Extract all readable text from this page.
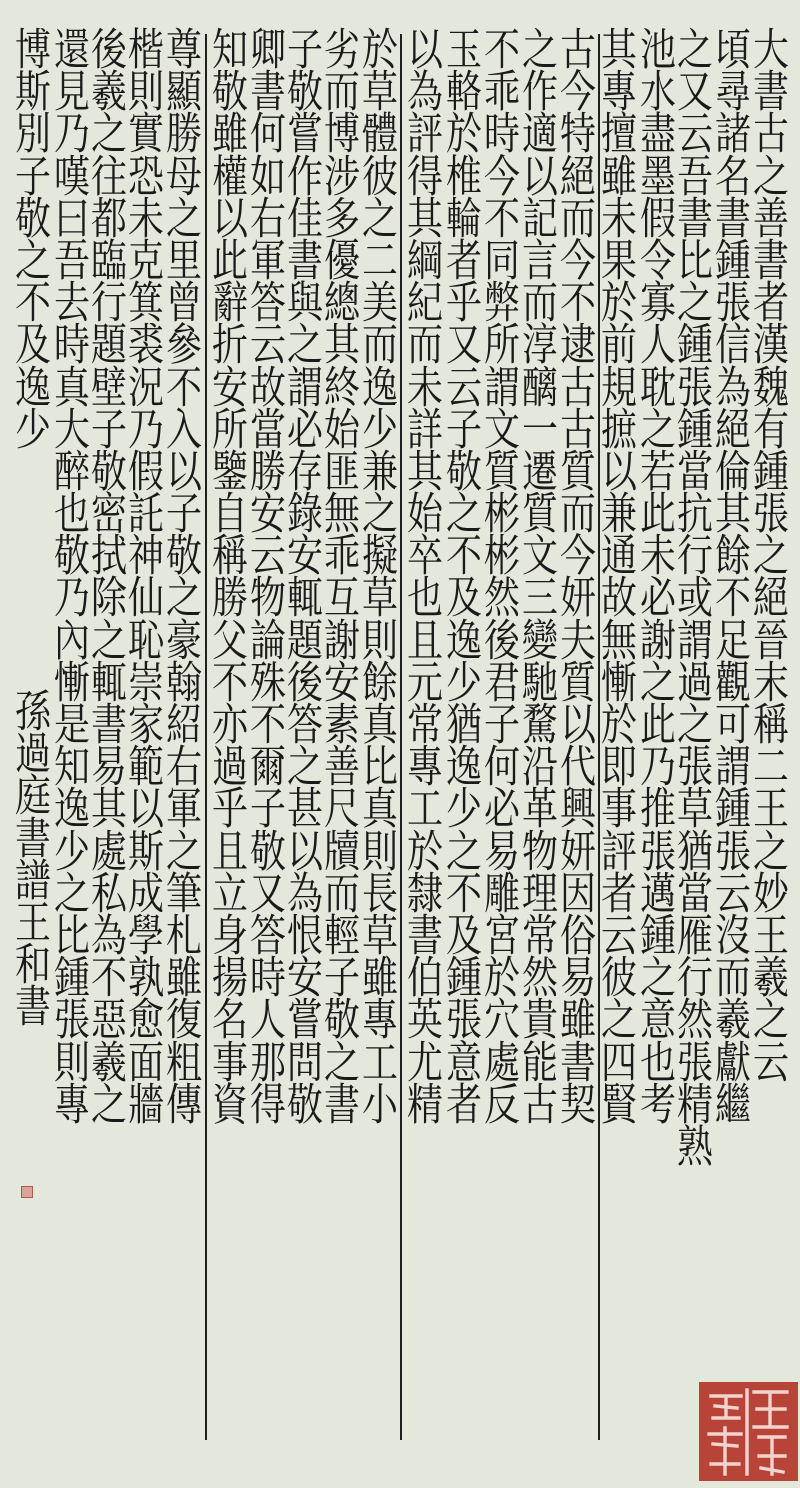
大
書
古
之
善
書
者
漢
魏
有
鍾
張
之
絕
晉
末
稱
二
王
之
妙
王
羲
之
云
頃
尋
諸
名
書
鍾
張
信
為
絕
倫
其
餘
不
足
觀
可
謂
鍾
張
云
沒
而
羲
獻
繼
之
又
云
吾
書
比
之
鍾
張
鍾
當
抗
行
或
謂
過
之
張
草
猶
當
雁
行
然
張
精
熟
池
水
盡
墨
假
令
寡
人
耽
之
若
此
未
必
謝
之
此
乃
推
張
邁
鍾
之
意
也
考
其
專
擅
雖
未
果
於
前
規
摭
以
兼
通
故
無
慚
於
即
事
評
者
云
彼
之
四
賢
古
今
特
絕
而
今
不
逮
古
古
質
而
今
妍
夫
質
以
代
興
妍
因
俗
易
雖
書
契
之
作
適
以
記
言
而
淳
醨
一
遷
質
文
三
變
馳
騖
沿
革
物
理
常
然
貴
能
古
不
乖
時
今
不
同
弊
所
謂
文
質
彬
彬
然
後
君
子
何
必
易
雕
宮
於
穴
處
反
玉
輅
於
椎
輪
者
乎
又
云
子
敬
之
不
及
逸
少
猶
逸
少
之
不
及
鍾
張
意
者
以
為
評
得
其
綱
紀
而
未
詳
其
始
卒
也
且
元
常
專
工
於
隸
書
伯
英
尤
精
於
草
體
彼
之
二
美
而
逸
少
兼
之
擬
草
則
餘
真
比
真
則
長
草
雖
專
工
小
劣
而
博
涉
多
優
總
其
終
始
匪
無
乖
互
謝
安
素
善
尺
牘
而
輕
子
敬
之
書
子
敬
嘗
作
佳
書
與
之
謂
必
存
錄
安
輒
題
後
答
之
甚
以
為
恨
安
嘗
問
敬
卿
書
何
如
右
軍
答
云
故
當
勝
安
云
物
論
殊
不
爾
子
敬
又
答
時
人
那
得
知
敬
雖
權
以
此
辭
折
安
所
鑒
自
稱
勝
父
不
亦
過
乎
且
立
身
揚
名
事
資
尊
顯
勝
母
之
里
曾
參
不
入
以
子
敬
之
豪
翰
紹
右
軍
之
筆
札
雖
復
粗
傳
楷
則
實
恐
未
克
箕
裘
況
乃
假
託
神
仙
恥
崇
家
範
以
斯
成
學
孰
愈
面
牆
後
羲
之
往
都
臨
行
題
壁
子
敬
密
拭
除
之
輒
書
易
其
處
私
為
不
惡
羲
之
還
見
乃
嘆
曰
吾
去
時
真
大
醉
也
敬
乃
內
慚
是
知
逸
少
之
比
鍾
張
則
專
博
斯
別
子
敬
之
不
及
逸
少
孫
過
庭
書
譜
王
和
書
